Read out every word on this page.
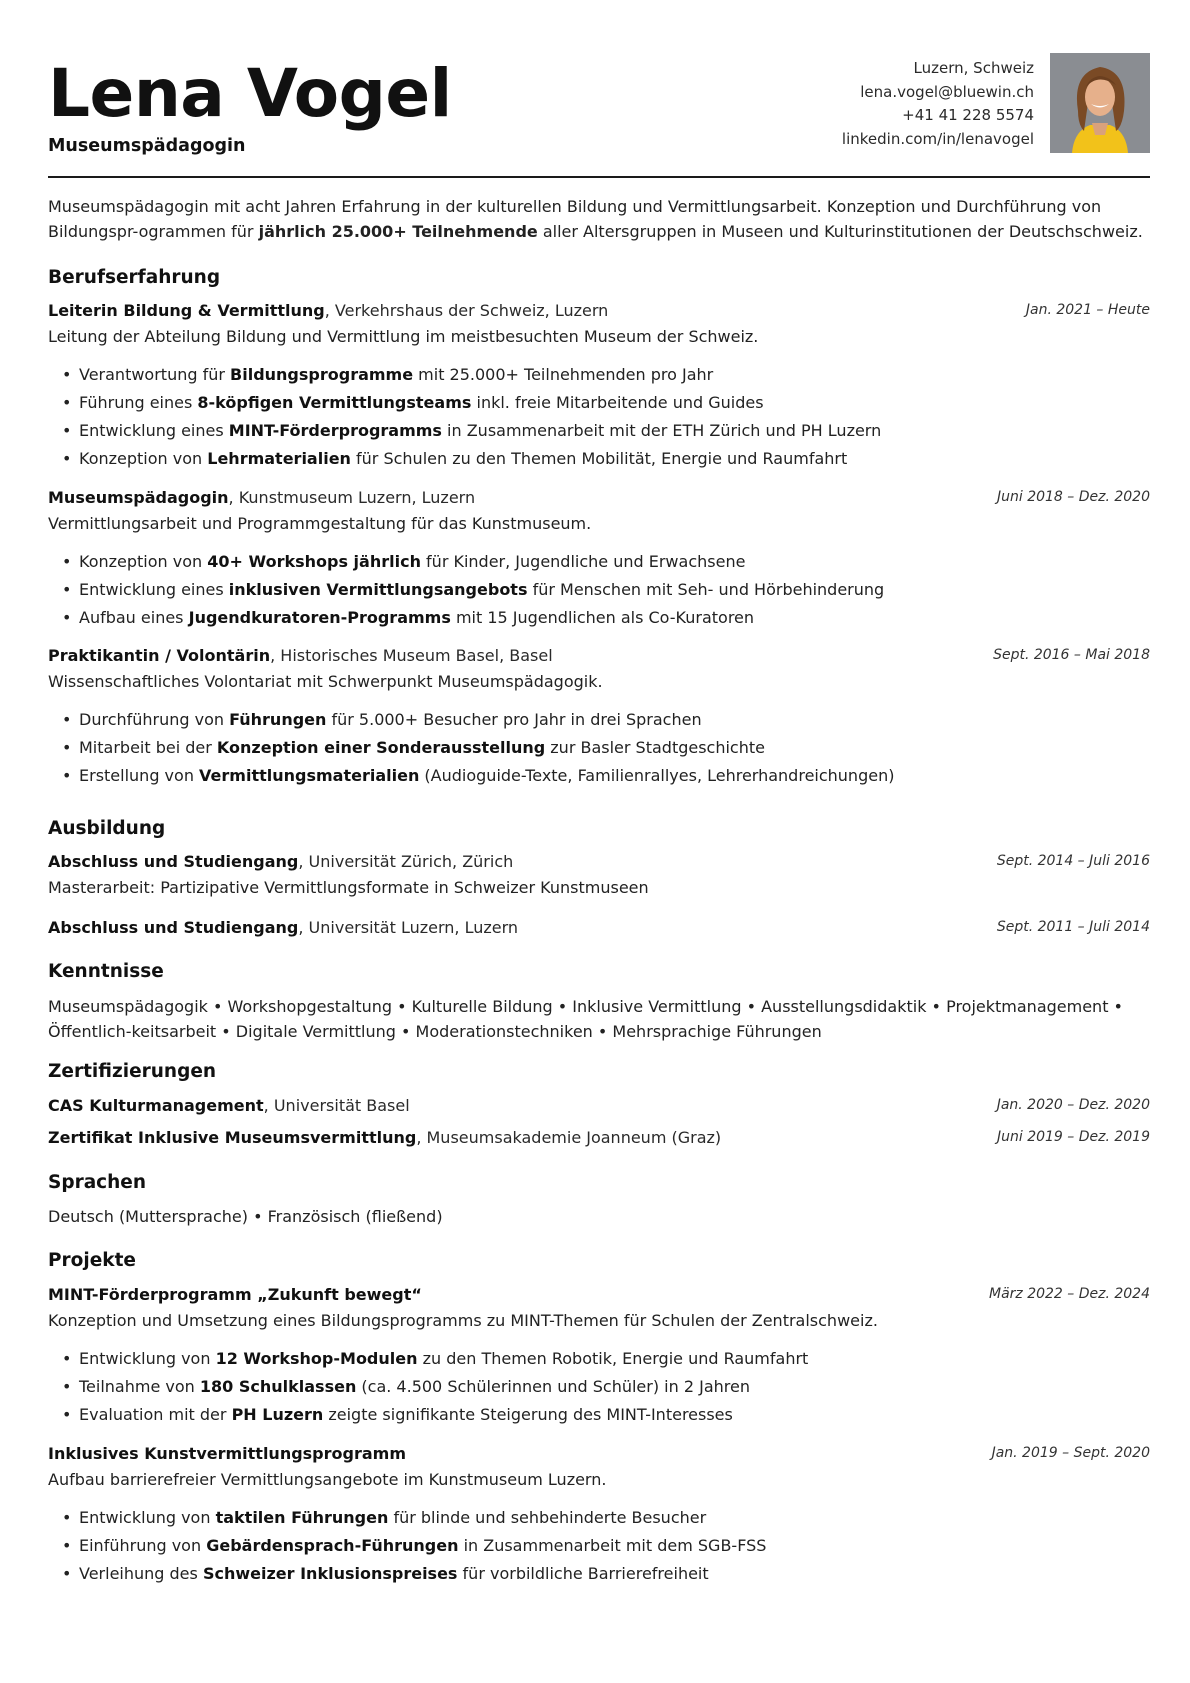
Lena Vogel
Museumspädagogin
Luzern, Schweiz
lena.vogel@bluewin.ch
+41 41 228 5574
linkedin.com/in/lenavogel
Museumspädagogin mit acht Jahren Erfahrung in der kulturellen Bildung und Vermittlungsarbeit. Konzeption und Durchführung von Bildungspr-ogrammen für jährlich 25.000+ Teilnehmende aller Altersgruppen in Museen und Kulturinstitutionen der Deutschschweiz.
Berufserfahrung
Leiterin Bildung & Vermittlung, Verkehrshaus der Schweiz, Luzern	Jan. 2021 – Heute
Leitung der Abteilung Bildung und Vermittlung im meistbesuchten Museum der Schweiz.
• Verantwortung für Bildungsprogramme mit 25.000+ Teilnehmenden pro Jahr
• Führung eines 8-köpfigen Vermittlungsteams inkl. freie Mitarbeitende und Guides
• Entwicklung eines MINT-Förderprogramms in Zusammenarbeit mit der ETH Zürich und PH Luzern
• Konzeption von Lehrmaterialien für Schulen zu den Themen Mobilität, Energie und Raumfahrt
Museumspädagogin, Kunstmuseum Luzern, Luzern	Juni 2018 – Dez. 2020
Vermittlungsarbeit und Programmgestaltung für das Kunstmuseum.
• Konzeption von 40+ Workshops jährlich für Kinder, Jugendliche und Erwachsene
• Entwicklung eines inklusiven Vermittlungsangebots für Menschen mit Seh- und Hörbehinderung
• Aufbau eines Jugendkuratoren-Programms mit 15 Jugendlichen als Co-Kuratoren
Praktikantin / Volontärin, Historisches Museum Basel, Basel	Sept. 2016 – Mai 2018
Wissenschaftliches Volontariat mit Schwerpunkt Museumspädagogik.
• Durchführung von Führungen für 5.000+ Besucher pro Jahr in drei Sprachen
• Mitarbeit bei der Konzeption einer Sonderausstellung zur Basler Stadtgeschichte
• Erstellung von Vermittlungsmaterialien (Audioguide-Texte, Familienrallyes, Lehrerhandreichungen)
Ausbildung
Abschluss und Studiengang, Universität Zürich, Zürich	Sept. 2014 – Juli 2016
Masterarbeit: Partizipative Vermittlungsformate in Schweizer Kunstmuseen
Abschluss und Studiengang, Universität Luzern, Luzern	Sept. 2011 – Juli 2014
Kenntnisse
Museumspädagogik • Workshopgestaltung • Kulturelle Bildung • Inklusive Vermittlung • Ausstellungsdidaktik • Projektmanagement • Öffentlich-keitsarbeit • Digitale Vermittlung • Moderationstechniken • Mehrsprachige Führungen
Zertifizierungen
CAS Kulturmanagement, Universität Basel	Jan. 2020 – Dez. 2020
Zertifikat Inklusive Museumsvermittlung, Museumsakademie Joanneum (Graz)	Juni 2019 – Dez. 2019
Sprachen
Deutsch (Muttersprache) • Französisch (fließend)
Projekte
MINT-Förderprogramm „Zukunft bewegt“	März 2022 – Dez. 2024
Konzeption und Umsetzung eines Bildungsprogramms zu MINT-Themen für Schulen der Zentralschweiz.
• Entwicklung von 12 Workshop-Modulen zu den Themen Robotik, Energie und Raumfahrt
• Teilnahme von 180 Schulklassen (ca. 4.500 Schülerinnen und Schüler) in 2 Jahren
• Evaluation mit der PH Luzern zeigte signifikante Steigerung des MINT-Interesses
Inklusives Kunstvermittlungsprogramm	Jan. 2019 – Sept. 2020
Aufbau barrierefreier Vermittlungsangebote im Kunstmuseum Luzern.
• Entwicklung von taktilen Führungen für blinde und sehbehinderte Besucher
• Einführung von Gebärdensprach-Führungen in Zusammenarbeit mit dem SGB-FSS
• Verleihung des Schweizer Inklusionspreises für vorbildliche Barrierefreiheit
